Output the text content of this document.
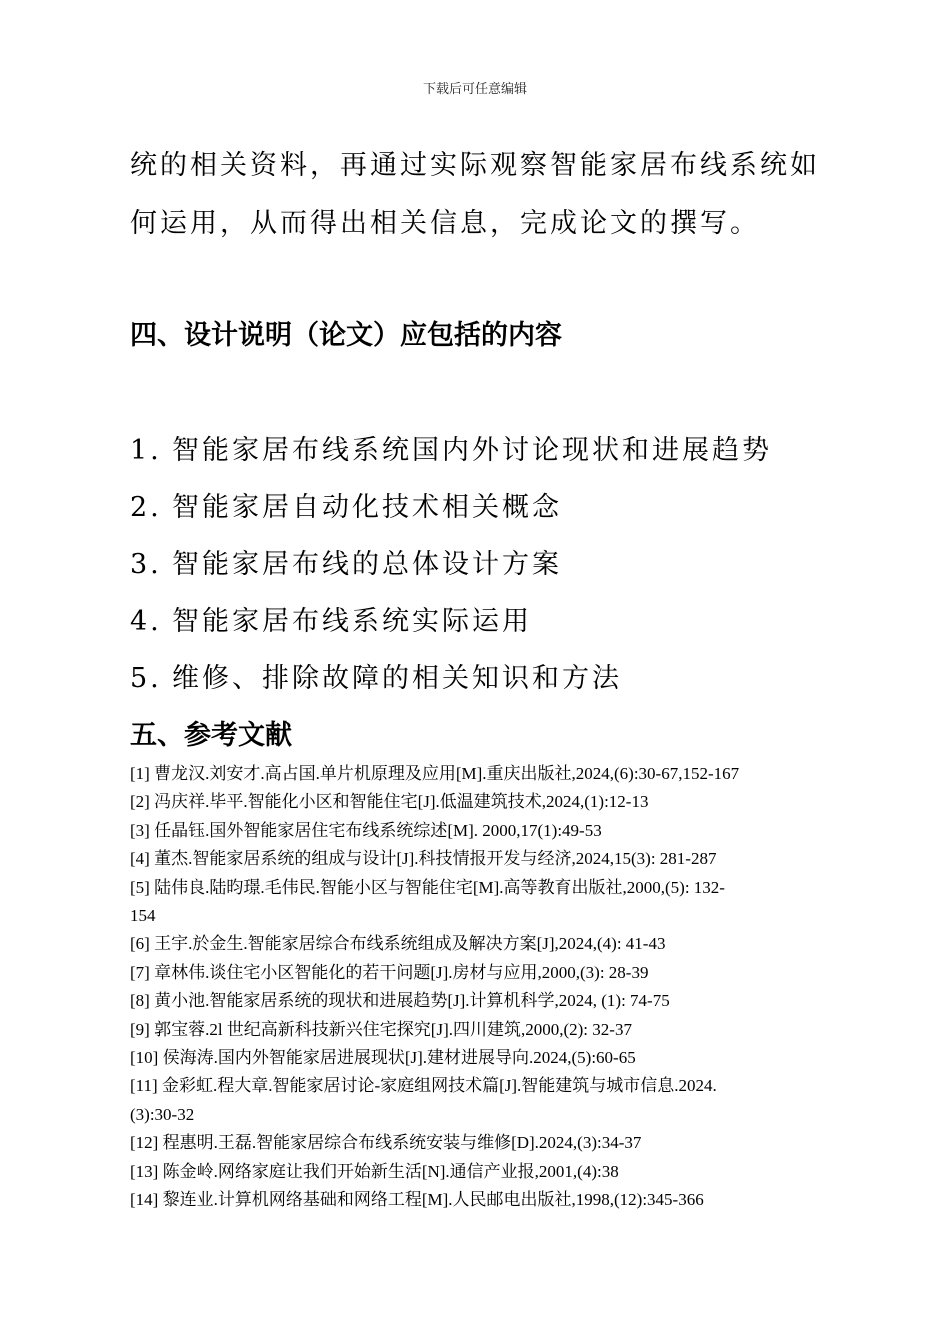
下载后可任意编辑
统的相关资料，再通过实际观察智能家居布线系统如
何运用，从而得出相关信息，完成论文的撰写。
四、设计说明（论文）应包括的内容
1. 智能家居布线系统国内外讨论现状和进展趋势
2. 智能家居自动化技术相关概念
3. 智能家居布线的总体设计方案
4. 智能家居布线系统实际运用
5. 维修、排除故障的相关知识和方法
五、参考文献
[1] 曹龙汉.刘安才.高占国.单片机原理及应用[M].重庆出版社,2024,(6):30-67,152-167
[2] 冯庆祥.毕平.智能化小区和智能住宅[J].低温建筑技术,2024,(1):12-13
[3] 任晶钰.国外智能家居住宅布线系统综述[M]. 2000,17(1):49-53
[4] 董杰.智能家居系统的组成与设计[J].科技情报开发与经济,2024,15(3): 281-287
[5] 陆伟良.陆昀璟.毛伟民.智能小区与智能住宅[M].高等教育出版社,2000,(5): 132-
154
[6] 王宇.於金生.智能家居综合布线系统组成及解决方案[J],2024,(4): 41-43
[7] 章林伟.谈住宅小区智能化的若干问题[J].房材与应用,2000,(3): 28-39
[8] 黄小池.智能家居系统的现状和进展趋势[J].计算机科学,2024, (1): 74-75
[9] 郭宝蓉.2l 世纪高新科技新兴住宅探究[J].四川建筑,2000,(2): 32-37
[10] 侯海涛.国内外智能家居进展现状[J].建材进展导向.2024,(5):60-65
[11] 金彩虹.程大章.智能家居讨论-家庭组网技术篇[J].智能建筑与城市信息.2024.
(3):30-32
[12] 程惠明.王磊.智能家居综合布线系统安装与维修[D].2024,(3):34-37
[13] 陈金岭.网络家庭让我们开始新生活[N].通信产业报,2001,(4):38
[14] 黎连业.计算机网络基础和网络工程[M].人民邮电出版社,1998,(12):345-366
